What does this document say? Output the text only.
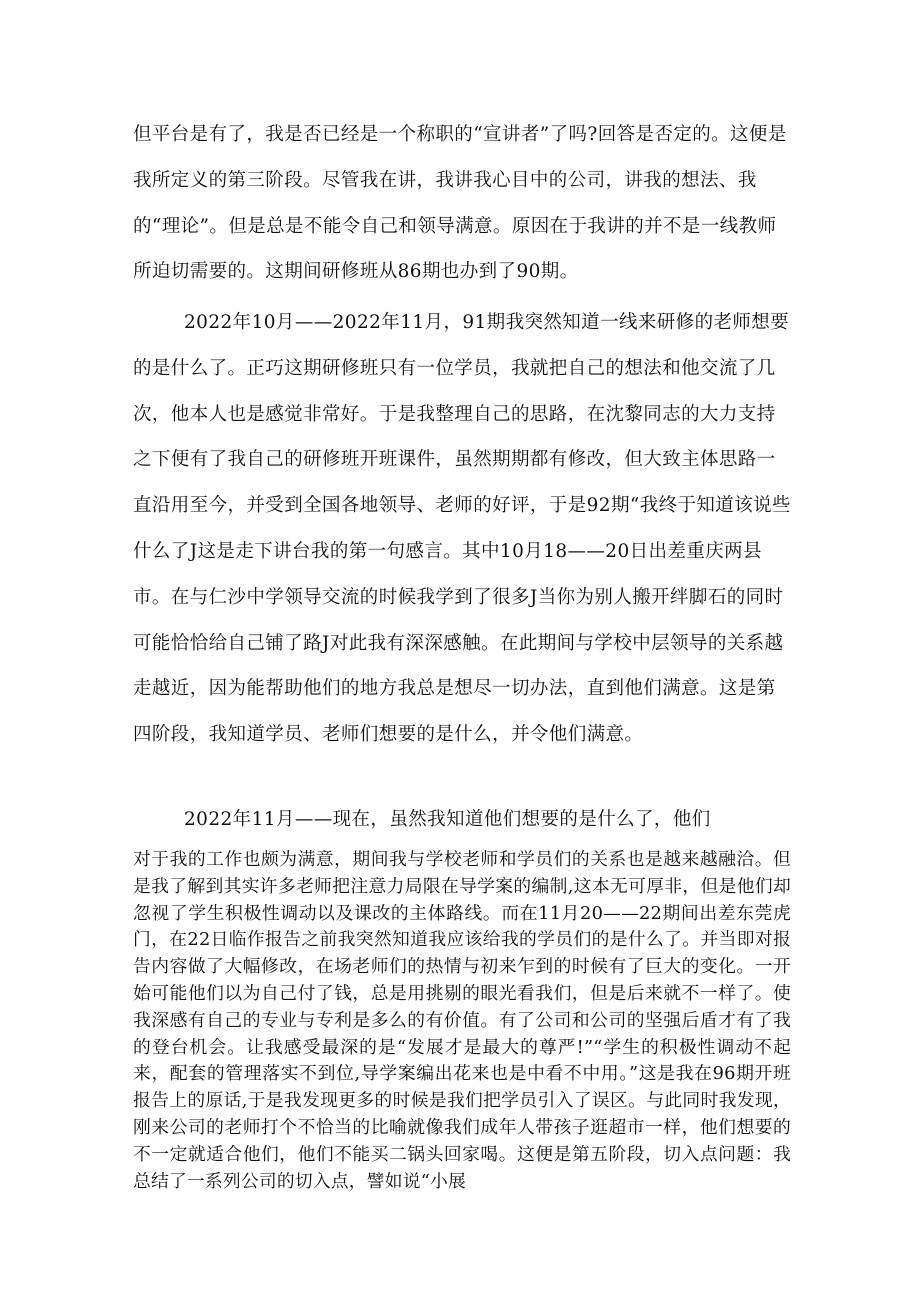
但平台是有了，我是否已经是一个称职的“宣讲者”了吗?回答是否定的。这便是我所定义的第三阶段。尽管我在讲，我讲我心目中的公司，讲我的想法、我的“理论”。但是总是不能令自己和领导满意。原因在于我讲的并不是一线教师所迫切需要的。这期间研修班从86期也办到了90期。

2022年10月——2022年11月，91期我突然知道一线来研修的老师想要的是什么了。正巧这期研修班只有一位学员，我就把自己的想法和他交流了几次，他本人也是感觉非常好。于是我整理自己的思路，在沈黎同志的大力支持之下便有了我自己的研修班开班课件，虽然期期都有修改，但大致主体思路一直沿用至今，并受到全国各地领导、老师的好评，于是92期“我终于知道该说些什么了J这是走下讲台我的第一句感言。其中10月18——20日出差重庆两县市。在与仁沙中学领导交流的时候我学到了很多J当你为别人搬开绊脚石的同时可能恰恰给自己铺了路J对此我有深深感触。在此期间与学校中层领导的关系越走越近，因为能帮助他们的地方我总是想尽一切办法，直到他们满意。这是第四阶段，我知道学员、老师们想要的是什么，并令他们满意。

2022年11月——现在，虽然我知道他们想要的是什么了，他们

对于我的工作也颇为满意，期间我与学校老师和学员们的关系也是越来越融洽。但是我了解到其实许多老师把注意力局限在导学案的编制,这本无可厚非，但是他们却忽视了学生积极性调动以及课改的主体路线。而在11月20——22期间出差东莞虎门，在22日临作报告之前我突然知道我应该给我的学员们的是什么了。并当即对报告内容做了大幅修改，在场老师们的热情与初来乍到的时候有了巨大的变化。一开始可能他们以为自己付了钱，总是用挑剔的眼光看我们，但是后来就不一样了。使我深感有自己的专业与专利是多么的有价值。有了公司和公司的坚强后盾才有了我的登台机会。让我感受最深的是“发展才是最大的尊严!”“学生的积极性调动不起来，配套的管理落实不到位,导学案编出花来也是中看不中用。”这是我在96期开班报告上的原话,于是我发现更多的时候是我们把学员引入了误区。与此同时我发现，刚来公司的老师打个不恰当的比喻就像我们成年人带孩子逛超市一样，他们想要的不一定就适合他们，他们不能买二锅头回家喝。这便是第五阶段，切入点问题：我总结了一系列公司的切入点，譬如说“小展
